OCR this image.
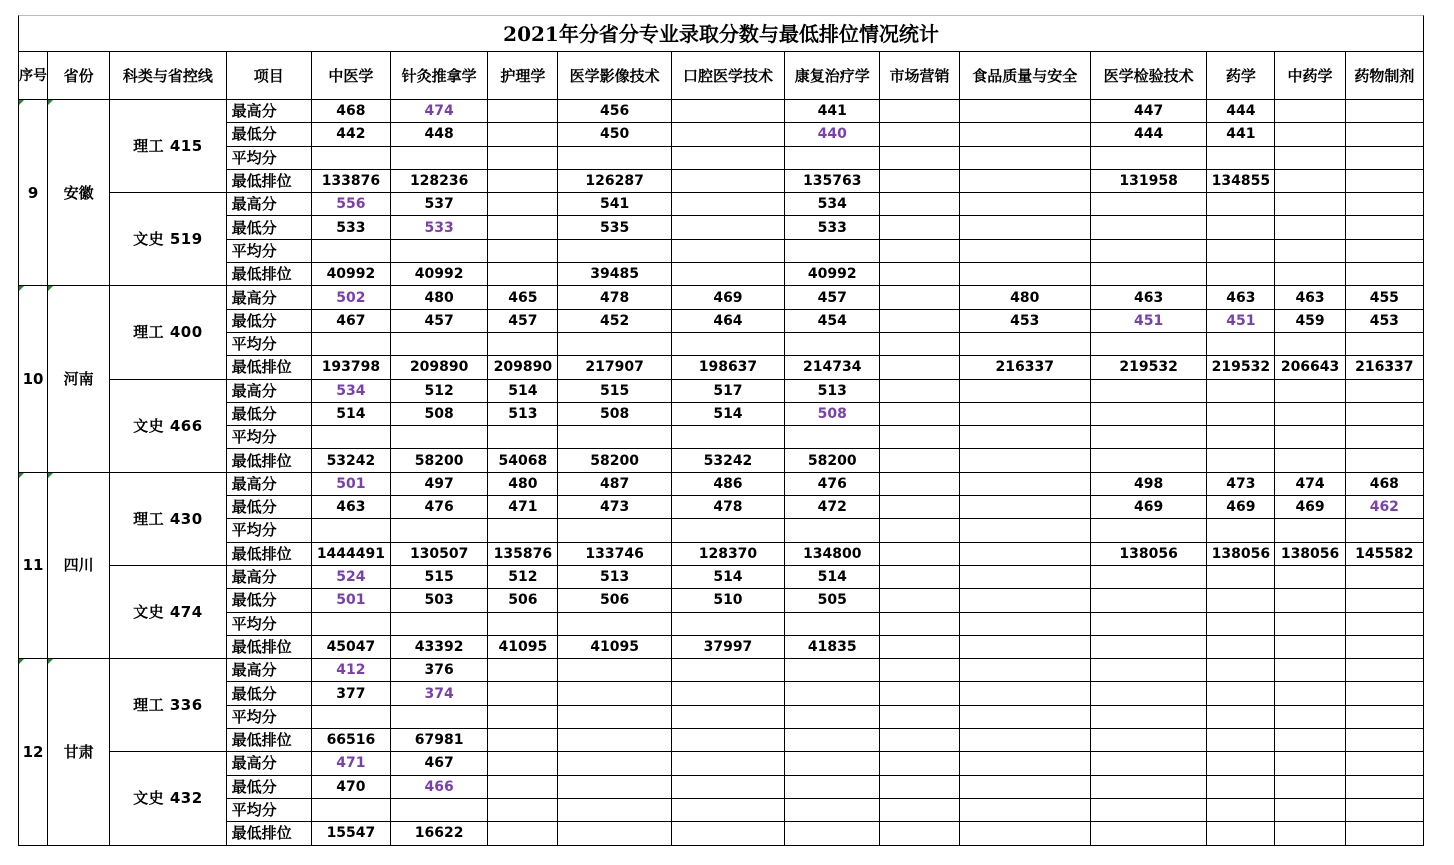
2021年分省分专业录取分数与最低排位情况统计
序号	省份	科类与省控线	项目	中医学	针灸推拿学	护理学	医学影像技术	口腔医学技术	康复治疗学	市场营销	食品质量与安全	医学检验技术	药学	中药学	药物制剂

9	安徽	理工 415	最高分	468	474		456		441			447	444		
			最低分	442	448		450		440			444	441		
			平均分												
			最低排位	133876	128236		126287		135763			131958	134855		
		文史 519	最高分	556	537		541		534						
			最低分	533	533		535		533						
			平均分												
			最低排位	40992	40992		39485		40992						

10	河南	理工 400	最高分	502	480	465	478	469	457		480	463	463	463	455
			最低分	467	457	457	452	464	454		453	451	451	459	453
			平均分												
			最低排位	193798	209890	209890	217907	198637	214734		216337	219532	219532	206643	216337
		文史 466	最高分	534	512	514	515	517	513						
			最低分	514	508	513	508	514	508						
			平均分												
			最低排位	53242	58200	54068	58200	53242	58200						

11	四川	理工 430	最高分	501	497	480	487	486	476			498	473	474	468
			最低分	463	476	471	473	478	472			469	469	469	462
			平均分												
			最低排位	1444491	130507	135876	133746	128370	134800			138056	138056	138056	145582
		文史 474	最高分	524	515	512	513	514	514						
			最低分	501	503	506	506	510	505						
			平均分												
			最低排位	45047	43392	41095	41095	37997	41835						

12	甘肃	理工 336	最高分	412	376										
			最低分	377	374										
			平均分												
			最低排位	66516	67981										
		文史 432	最高分	471	467										
			最低分	470	466										
			平均分												
			最低排位	15547	16622										
